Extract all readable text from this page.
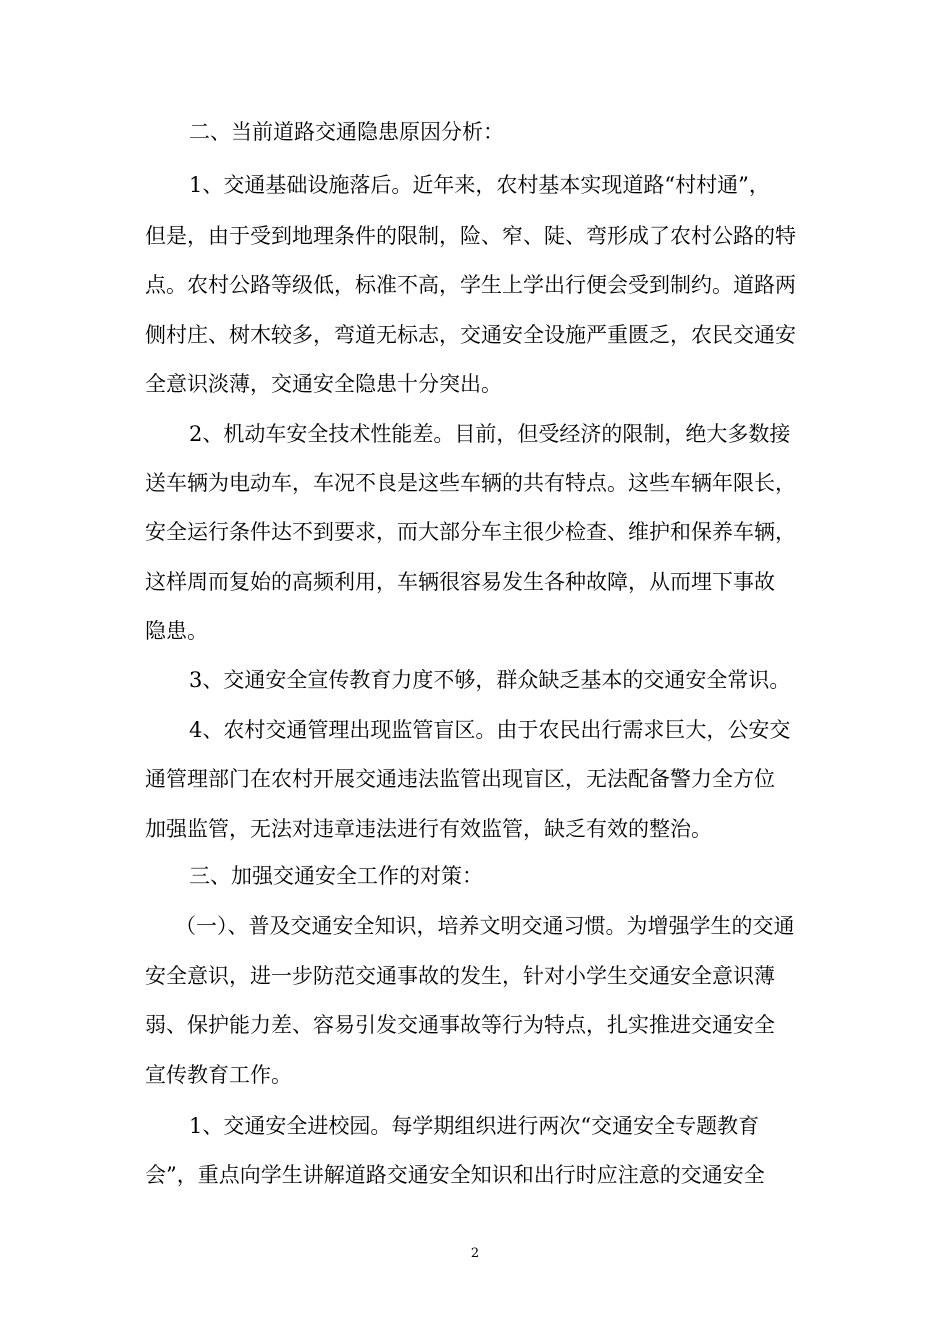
二、当前道路交通隐患原因分析：
1、交通基础设施落后。近年来，农村基本实现道路“村村通”，
但是，由于受到地理条件的限制，险、窄、陡、弯形成了农村公路的特
点。农村公路等级低，标准不高，学生上学出行便会受到制约。道路两
侧村庄、树木较多，弯道无标志，交通安全设施严重匮乏，农民交通安
全意识淡薄，交通安全隐患十分突出。
2、机动车安全技术性能差。目前，但受经济的限制，绝大多数接
送车辆为电动车，车况不良是这些车辆的共有特点。这些车辆年限长，
安全运行条件达不到要求，而大部分车主很少检查、维护和保养车辆，
这样周而复始的高频利用，车辆很容易发生各种故障，从而埋下事故
隐患。
3、交通安全宣传教育力度不够，群众缺乏基本的交通安全常识。
4、农村交通管理出现监管盲区。由于农民出行需求巨大，公安交
通管理部门在农村开展交通违法监管出现盲区，无法配备警力全方位
加强监管，无法对违章违法进行有效监管，缺乏有效的整治。
三、加强交通安全工作的对策：
（一）、普及交通安全知识，培养文明交通习惯。为增强学生的交通
安全意识，进一步防范交通事故的发生，针对小学生交通安全意识薄
弱、保护能力差、容易引发交通事故等行为特点，扎实推进交通安全
宣传教育工作。
1、交通安全进校园。每学期组织进行两次“交通安全专题教育
会”，重点向学生讲解道路交通安全知识和出行时应注意的交通安全
2
